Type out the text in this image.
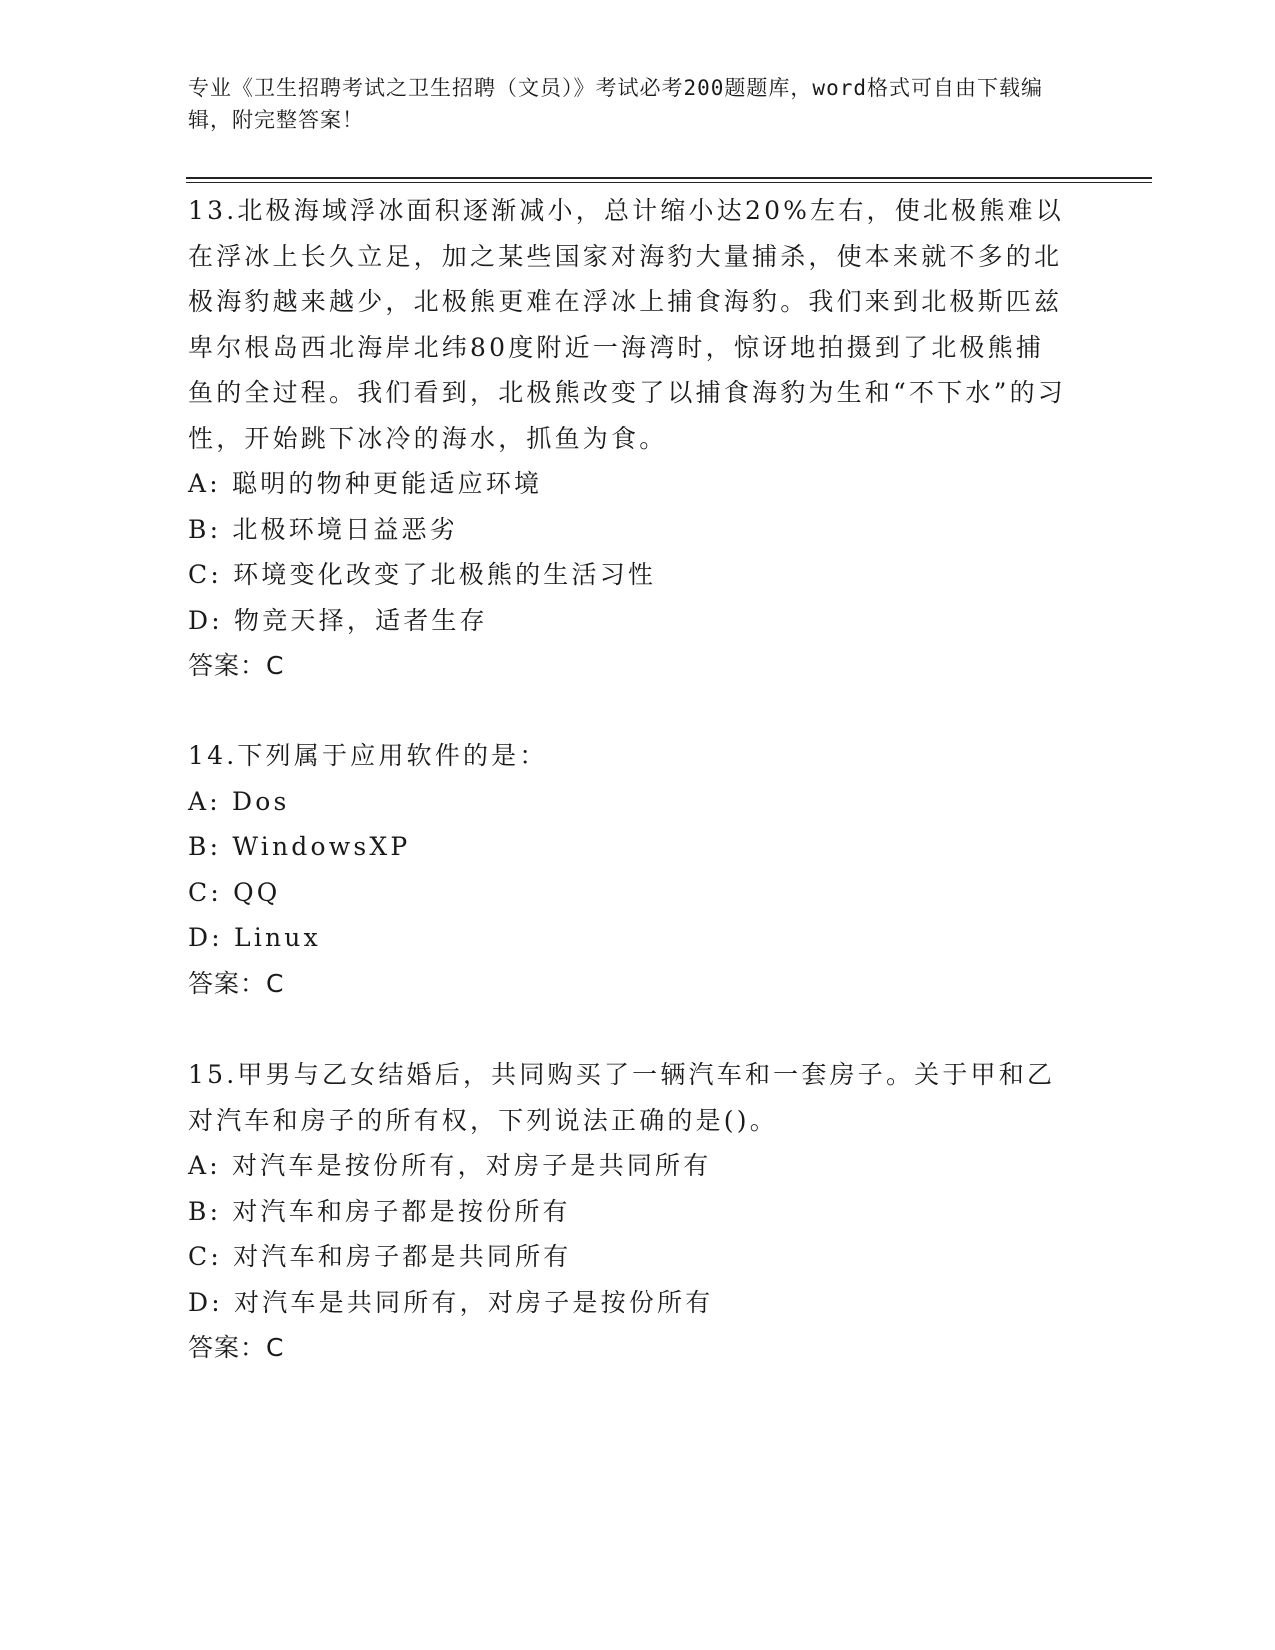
专业《卫生招聘考试之卫生招聘（文员）》考试必考200题题库，word格式可自由下载编辑，附完整答案！
13.北极海域浮冰面积逐渐减小，总计缩小达20%左右，使北极熊难以在浮冰上长久立足，加之某些国家对海豹大量捕杀，使本来就不多的北极海豹越来越少，北极熊更难在浮冰上捕食海豹。我们来到北极斯匹兹卑尔根岛西北海岸北纬80度附近一海湾时，惊讶地拍摄到了北极熊捕鱼的全过程。我们看到，北极熊改变了以捕食海豹为生和“不下水”的习性，开始跳下冰冷的海水，抓鱼为食。
A: 聪明的物种更能适应环境
B: 北极环境日益恶劣
C: 环境变化改变了北极熊的生活习性
D: 物竞天择，适者生存
答案：C
14.下列属于应用软件的是：
A: Dos
B: WindowsXP
C: QQ
D: Linux
答案：C
15.甲男与乙女结婚后，共同购买了一辆汽车和一套房子。关于甲和乙对汽车和房子的所有权，下列说法正确的是()。
A: 对汽车是按份所有，对房子是共同所有
B: 对汽车和房子都是按份所有
C: 对汽车和房子都是共同所有
D: 对汽车是共同所有，对房子是按份所有
答案：C
